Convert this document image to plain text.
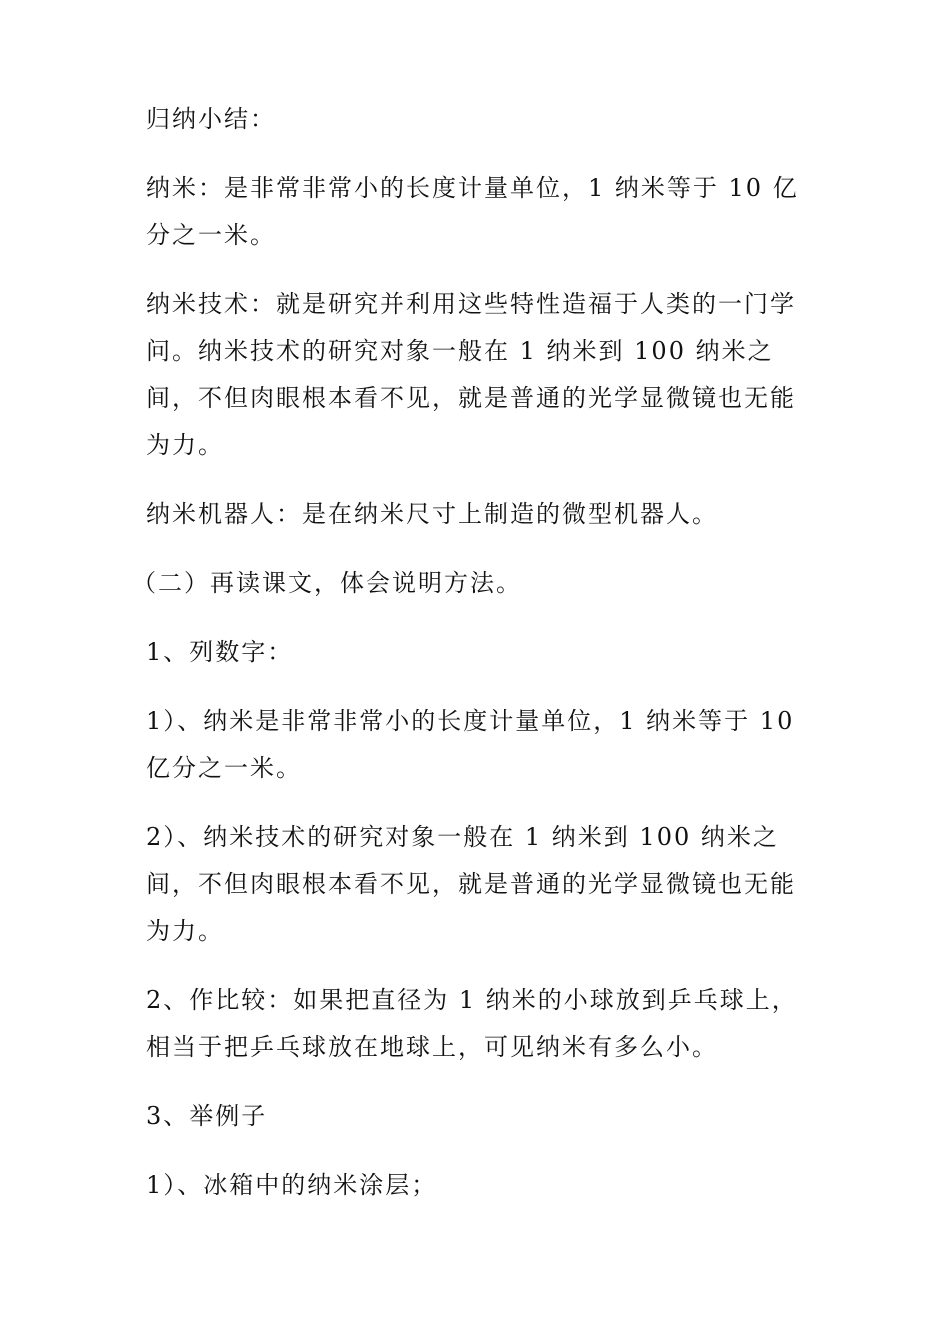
归纳小结：

纳米：是非常非常小的长度计量单位，1 纳米等于 10 亿分之一米。

纳米技术：就是研究并利用这些特性造福于人类的一门学问。纳米技术的研究对象一般在 1 纳米到 100 纳米之间，不但肉眼根本看不见，就是普通的光学显微镜也无能为力。

纳米机器人：是在纳米尺寸上制造的微型机器人。

（二）再读课文，体会说明方法。

1、列数字：

1）、纳米是非常非常小的长度计量单位，1 纳米等于 10 亿分之一米。

2）、纳米技术的研究对象一般在 1 纳米到 100 纳米之间，不但肉眼根本看不见，就是普通的光学显微镜也无能为力。

2、作比较：如果把直径为 1 纳米的小球放到乒乓球上，相当于把乒乓球放在地球上，可见纳米有多么小。

3、举例子

1）、冰箱中的纳米涂层；
